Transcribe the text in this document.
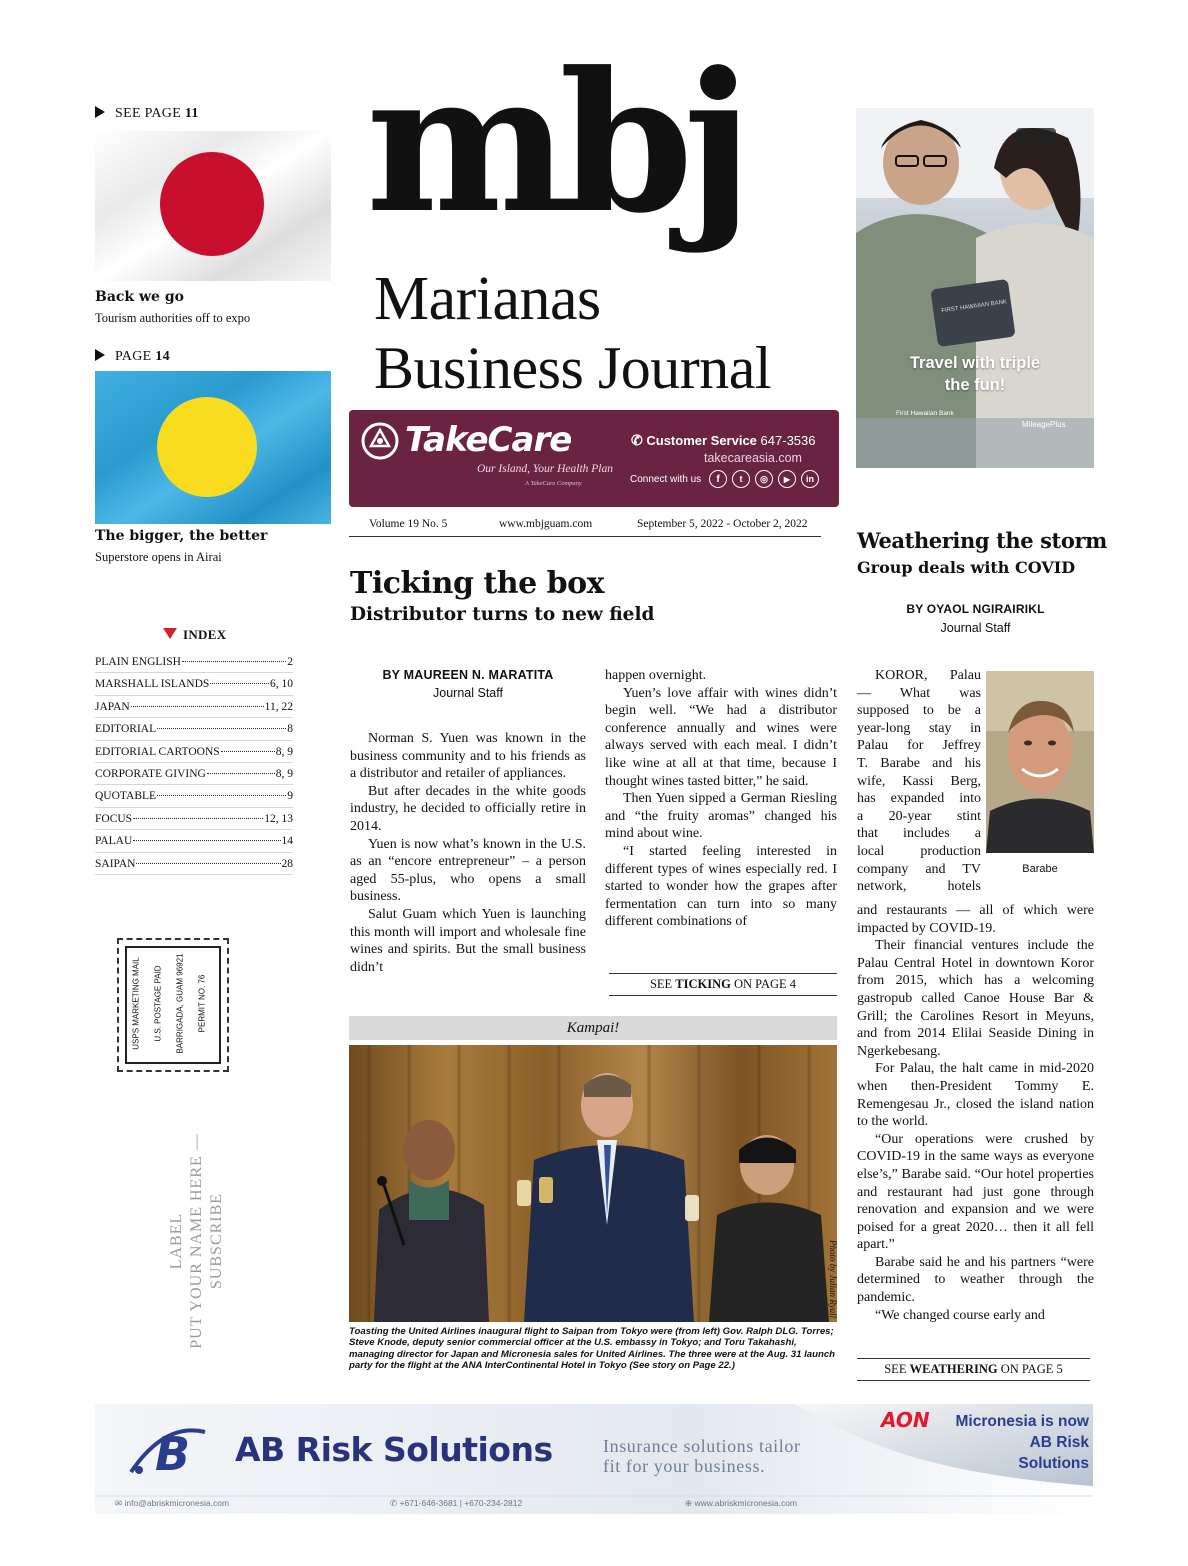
SEE PAGE 11
Back we go
Tourism authorities off to expo
PAGE 14
The bigger, the better
Superstore opens in Airai
INDEX
PLAIN ENGLISH	2
MARSHALL ISLANDS	6, 10
JAPAN	11, 22
EDITORIAL	8
EDITORIAL CARTOONS	8, 9
CORPORATE GIVING	8, 9
QUOTABLE	9
FOCUS	12, 13
PALAU	14
SAIPAN	28
USPS MARKETING MAIL U.S. POSTAGE PAID BARRIGADA, GUAM 96921 PERMIT NO. 76
LABEL PUT YOUR NAME HERE — SUBSCRIBE
mbj
Marianas
Business Journal
TakeCare
Our Island, Your Health Plan
A TakeCare Company
✆ Customer Service 647-3536
takecareasia.com
Connect with us	f	t	◎	▶	in
Volume 19 No. 5	www.mbjguam.com	September 5, 2022 - October 2, 2022
FIRST HAWAIIAN BANK
Travel with triple
the fun!
First Hawaiian Bank
MileagePlus
Ticking the box
Distributor turns to new field
BY MAUREEN N. MARATITA
Journal Staff

Norman S. Yuen was known in the business community and to his friends as a distributor and retailer of appliances.

But after decades in the white goods industry, he decided to officially retire in 2014.

Yuen is now what’s known in the U.S. as an “encore entrepreneur” – a person aged 55-plus, who opens a small business.

Salut Guam which Yuen is launching this month will import and wholesale fine wines and spirits. But the small business didn’t

happen overnight.

Yuen’s love affair with wines didn’t begin well. “We had a distributor conference annually and wines were always served with each meal. I didn’t like wine at all at that time, because I thought wines tasted bitter,” he said.

Then Yuen sipped a German Riesling and “the fruity aromas” changed his mind about wine.

“I started feeling interested in different types of wines especially red. I started to wonder how the grapes after fermentation can turn into so many different combinations of

SEE TICKING ON PAGE 4
Kampai!
Photo by Julian Ryall
Toasting the United Airlines inaugural flight to Saipan from Tokyo were (from left) Gov. Ralph DLG. Torres; Steve Knode, deputy senior commercial officer at the U.S. embassy in Tokyo; and Toru Takahashi, managing director for Japan and Micronesia sales for United Airlines. The three were at the Aug. 31 launch party for the flight at the ANA InterContinental Hotel in Tokyo (See story on Page 22.)
Weathering the storm
Group deals with COVID
BY OYAOL NGIRAIRIKL
Journal Staff
KOROR, Palau
— What was
supposed to be a
year-long stay in
Palau for Jeffrey
T. Barabe and his
wife, Kassi Berg,
has expanded into
a 20-year stint
that includes a
local production
company and TV
network, hotels
Barabe
and restaurants — all of which were impacted by COVID-19.

Their financial ventures include the Palau Central Hotel in downtown Koror from 2015, which has a welcoming gastropub called Canoe House Bar & Grill; the Carolines Resort in Meyuns, and from 2014 Elilai Seaside Dining in Ngerkebesang.

For Palau, the halt came in mid-2020 when then-President Tommy E. Remengesau Jr., closed the island nation to the world.

“Our operations were crushed by COVID-19 in the same ways as everyone else’s,” Barabe said. “Our hotel properties and restaurant had just gone through renovation and expansion and we were poised for a great 2020… then it all fell apart.”

Barabe said he and his partners “were determined to weather through the pandemic.

“We changed course early and

SEE WEATHERING ON PAGE 5
B AB Risk Solutions	Insurance solutions tailor
fit for your business.
AON	Micronesia is now
AB Risk
Solutions
✉ info@abriskmicronesia.com	✆ +671-646-3681 | +670-234-2812	⊕ www.abriskmicronesia.com
